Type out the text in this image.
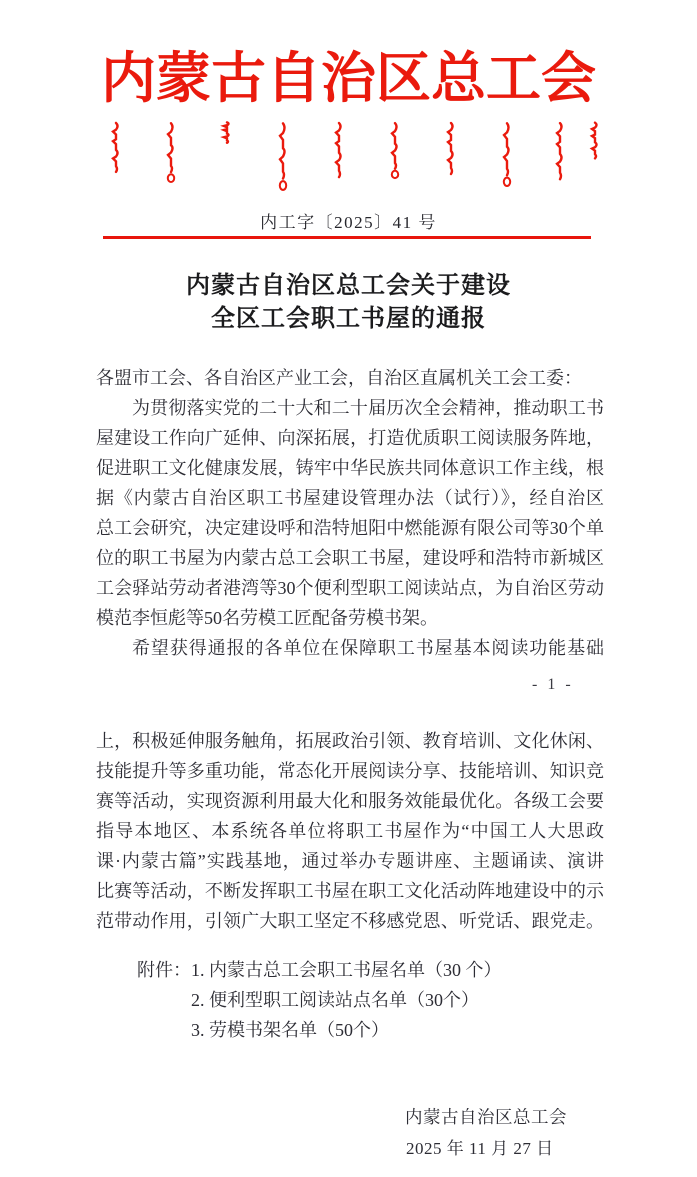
内蒙古自治区总工会
内工字〔2025〕41 号
内蒙古自治区总工会关于建设
全区工会职工书屋的通报
各盟市工会、各自治区产业工会，自治区直属机关工会工委：
为贯彻落实党的二十大和二十届历次全会精神，推动职工书
屋建设工作向广延伸、向深拓展，打造优质职工阅读服务阵地，
促进职工文化健康发展，铸牢中华民族共同体意识工作主线，根
据《内蒙古自治区职工书屋建设管理办法（试行）》，经自治区
总工会研究，决定建设呼和浩特旭阳中燃能源有限公司等30个单
位的职工书屋为内蒙古总工会职工书屋，建设呼和浩特市新城区
工会驿站劳动者港湾等30个便利型职工阅读站点，为自治区劳动
模范李恒彪等50名劳模工匠配备劳模书架。
希望获得通报的各单位在保障职工书屋基本阅读功能基础
- 1 -
上，积极延伸服务触角，拓展政治引领、教育培训、文化休闲、
技能提升等多重功能，常态化开展阅读分享、技能培训、知识竞
赛等活动，实现资源利用最大化和服务效能最优化。各级工会要
指导本地区、本系统各单位将职工书屋作为“中国工人大思政
课·内蒙古篇”实践基地，通过举办专题讲座、主题诵读、演讲
比赛等活动，不断发挥职工书屋在职工文化活动阵地建设中的示
范带动作用，引领广大职工坚定不移感党恩、听党话、跟党走。
附件： 1. 内蒙古总工会职工书屋名单（30 个）
2. 便利型职工阅读站点名单（30个）
3. 劳模书架名单（50个）
内蒙古自治区总工会
2025 年 11 月 27 日
